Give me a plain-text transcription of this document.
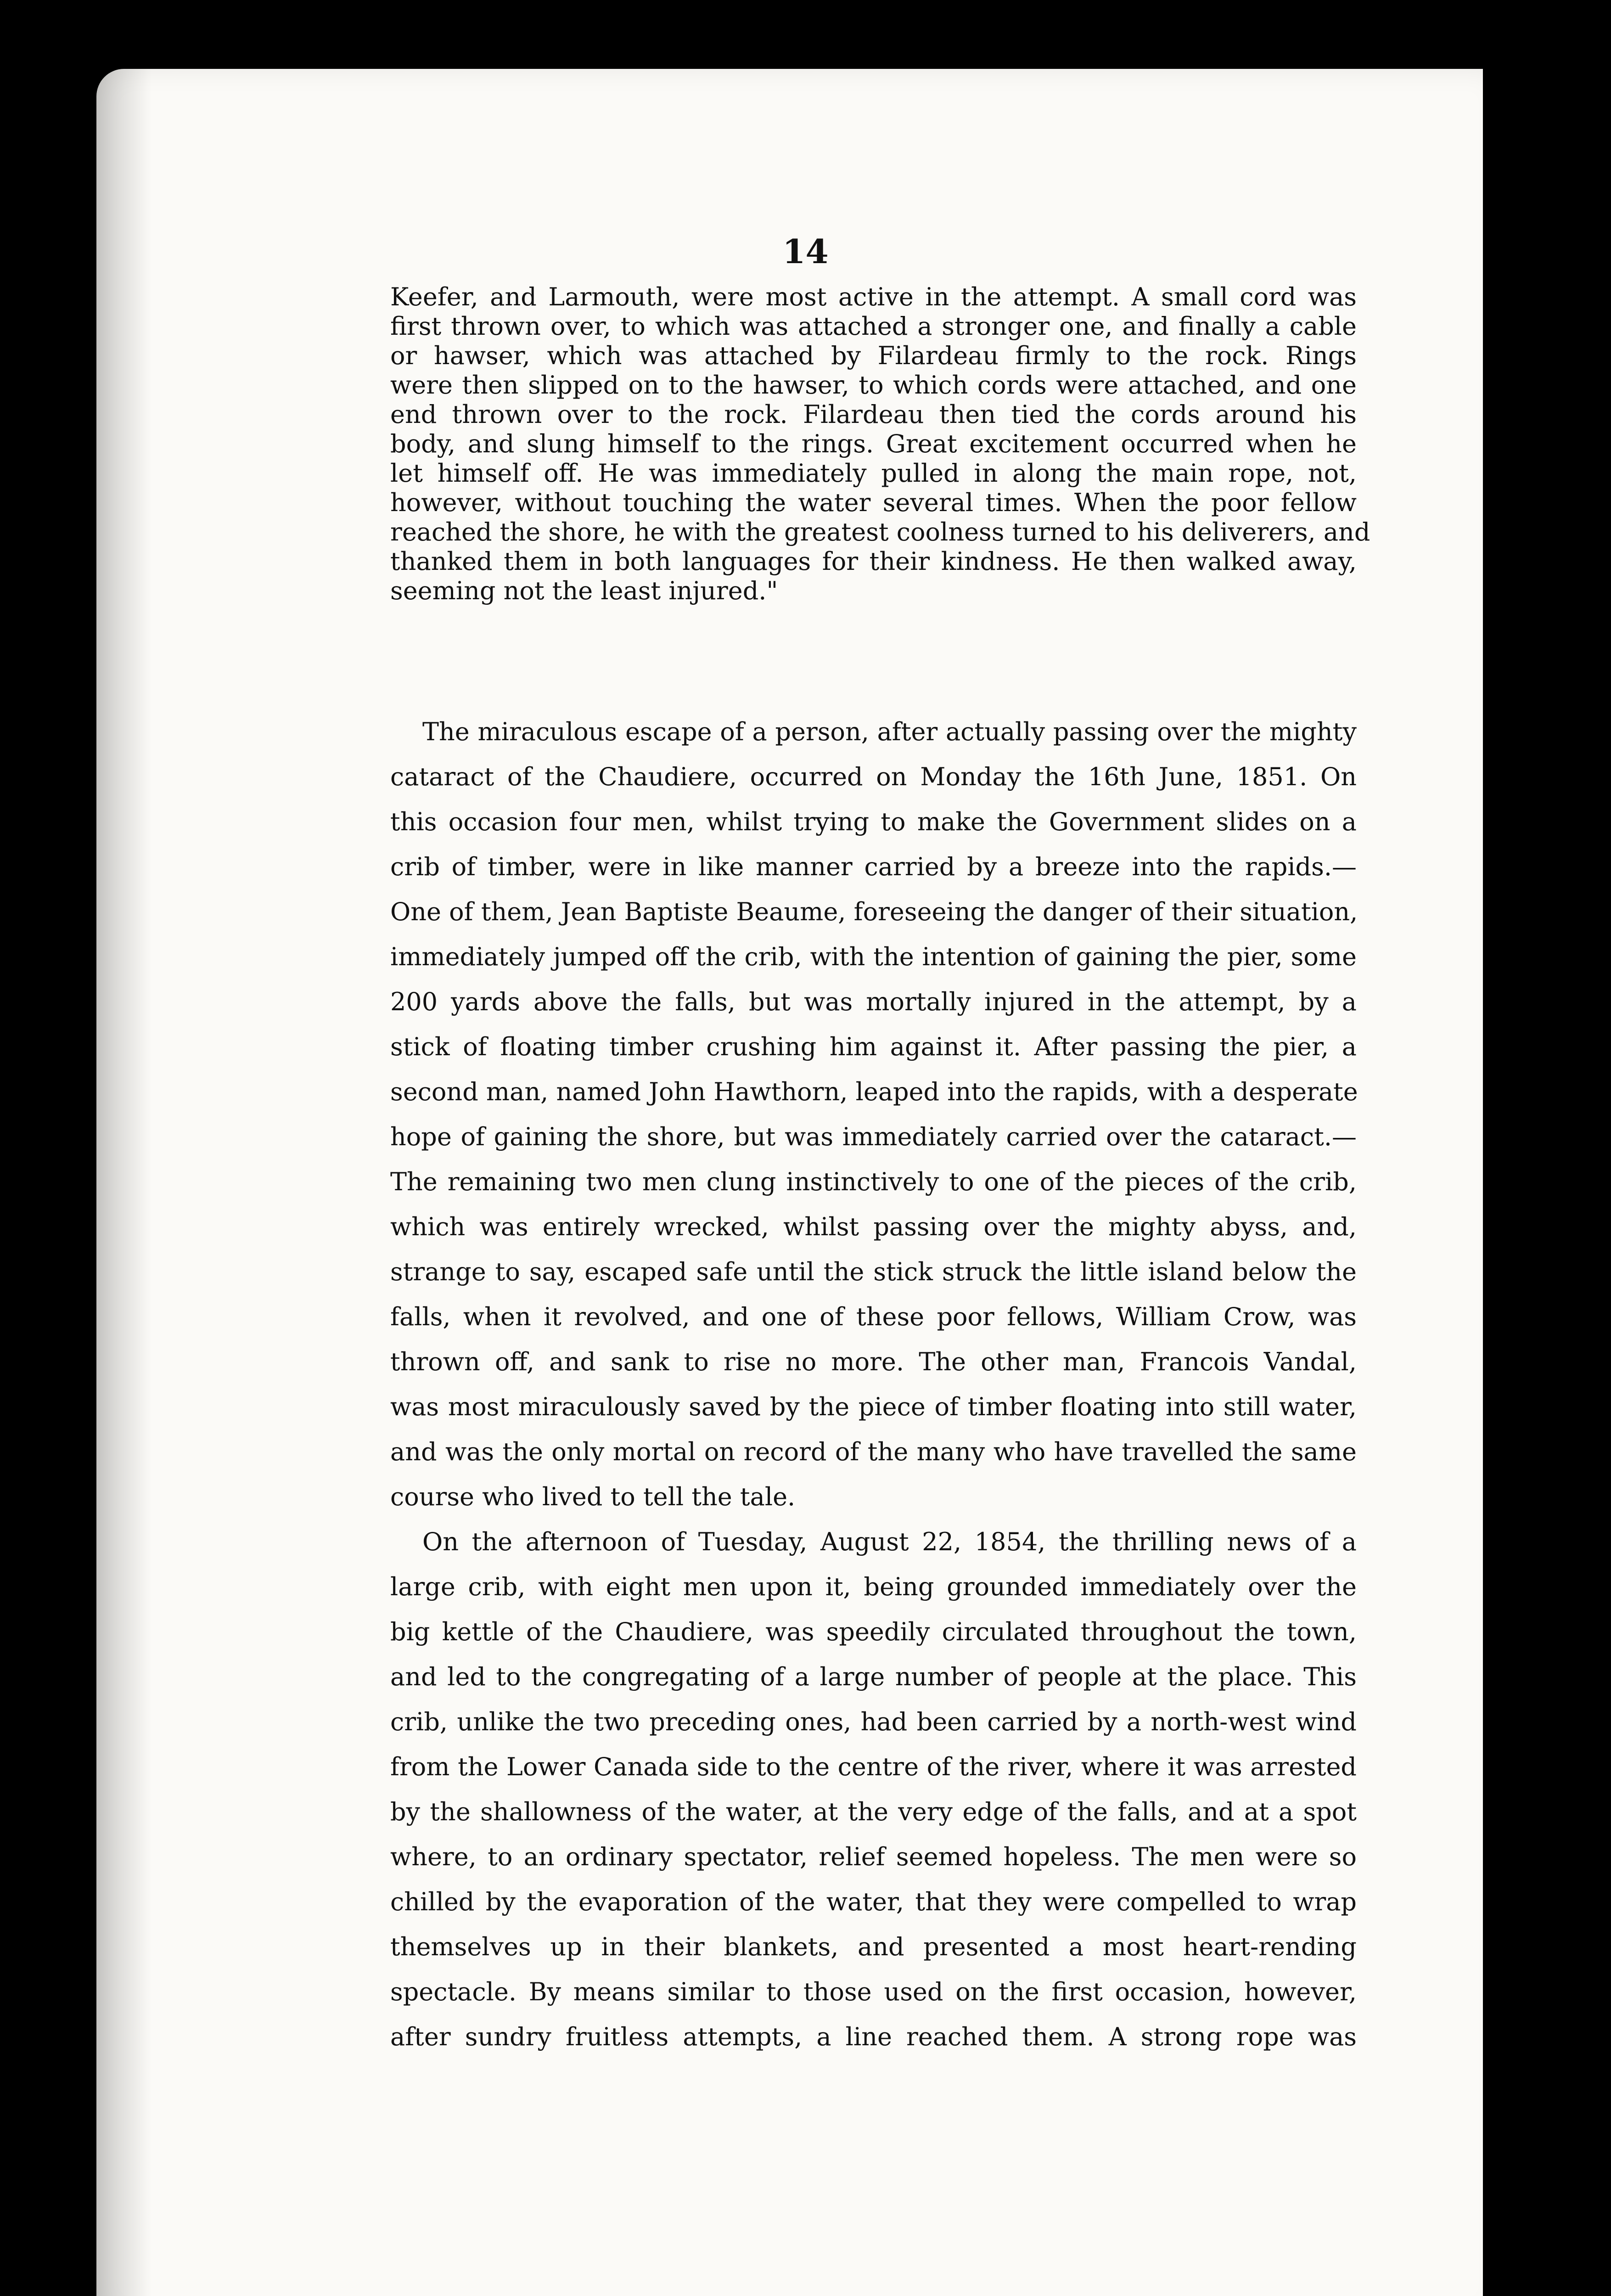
14
Keefer, and Larmouth, were most active in the attempt. A small cord was
first thrown over, to which was attached a stronger one, and finally a cable
or hawser, which was attached by Filardeau firmly to the rock. Rings
were then slipped on to the hawser, to which cords were attached, and one
end thrown over to the rock. Filardeau then tied the cords around his
body, and slung himself to the rings. Great excitement occurred when he
let himself off. He was immediately pulled in along the main rope, not,
however, without touching the water several times. When the poor fellow
reached the shore, he with the greatest coolness turned to his deliverers, and
thanked them in both languages for their kindness. He then walked away,
seeming not the least injured."
The miraculous escape of a person, after actually passing over the mighty
cataract of the Chaudiere, occurred on Monday the 16th June, 1851. On
this occasion four men, whilst trying to make the Government slides on a
crib of timber, were in like manner carried by a breeze into the rapids.—
One of them, Jean Baptiste Beaume, foreseeing the danger of their situation,
immediately jumped off the crib, with the intention of gaining the pier, some
200 yards above the falls, but was mortally injured in the attempt, by a
stick of floating timber crushing him against it. After passing the pier, a
second man, named John Hawthorn, leaped into the rapids, with a desperate
hope of gaining the shore, but was immediately carried over the cataract.—
The remaining two men clung instinctively to one of the pieces of the crib,
which was entirely wrecked, whilst passing over the mighty abyss, and,
strange to say, escaped safe until the stick struck the little island below the
falls, when it revolved, and one of these poor fellows, William Crow, was
thrown off, and sank to rise no more. The other man, Francois Vandal,
was most miraculously saved by the piece of timber floating into still water,
and was the only mortal on record of the many who have travelled the same
course who lived to tell the tale.
On the afternoon of Tuesday, August 22, 1854, the thrilling news of a
large crib, with eight men upon it, being grounded immediately over the
big kettle of the Chaudiere, was speedily circulated throughout the town,
and led to the congregating of a large number of people at the place. This
crib, unlike the two preceding ones, had been carried by a north-west wind
from the Lower Canada side to the centre of the river, where it was arrested
by the shallowness of the water, at the very edge of the falls, and at a spot
where, to an ordinary spectator, relief seemed hopeless. The men were so
chilled by the evaporation of the water, that they were compelled to wrap
themselves up in their blankets, and presented a most heart-rending
spectacle. By means similar to those used on the first occasion, however,
after sundry fruitless attempts, a line reached them. A strong rope was
